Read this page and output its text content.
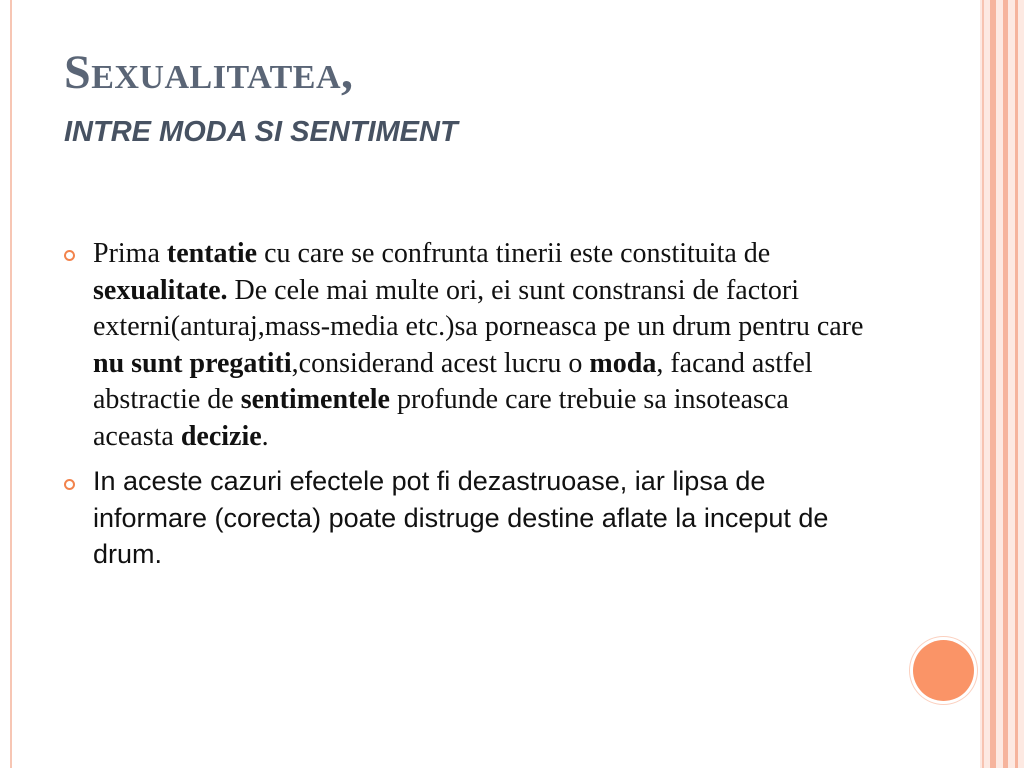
Sexualitatea,
INTRE MODA SI SENTIMENT

Prima tentatie cu care se confrunta tinerii este constituita de sexualitate. De cele mai multe ori, ei sunt constransi de factori externi(anturaj,mass-media etc.)sa porneasca pe un drum pentru care nu sunt pregatiti,considerand acest lucru o moda, facand astfel abstractie de sentimentele profunde care trebuie sa insoteasca aceasta decizie.

In aceste cazuri efectele pot fi dezastruoase, iar lipsa de informare (corecta) poate distruge destine aflate la inceput de drum.
